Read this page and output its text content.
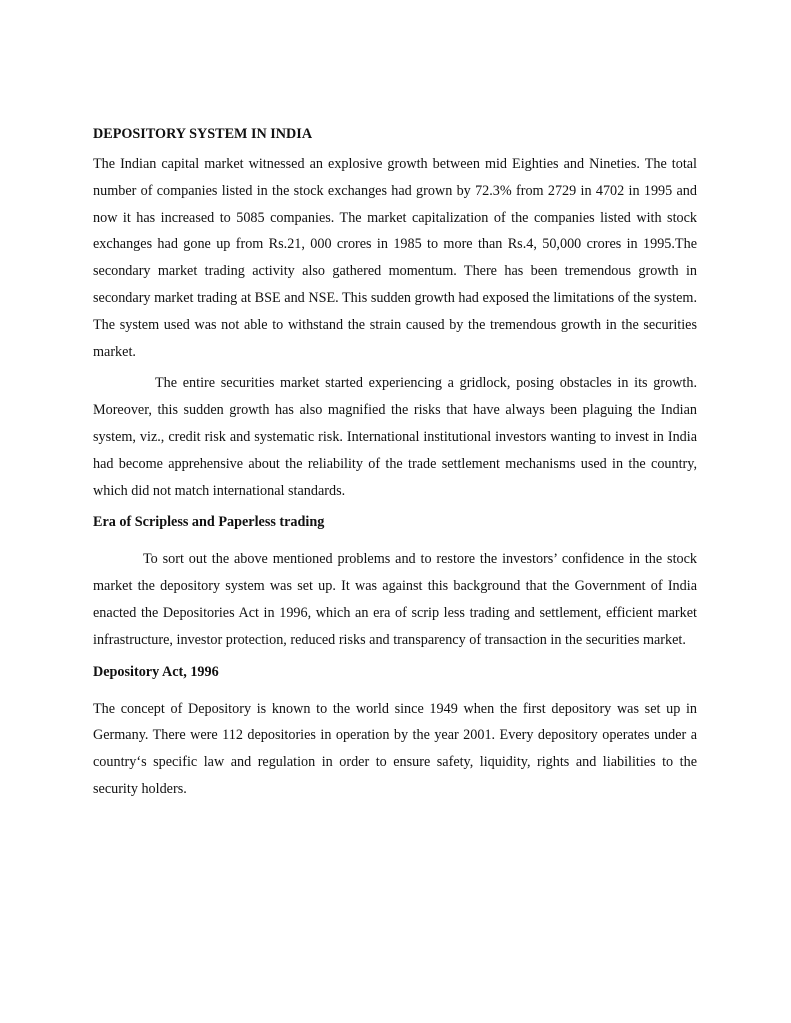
DEPOSITORY SYSTEM IN INDIA

The Indian capital market witnessed an explosive growth between mid Eighties and Nineties. The total number of companies listed in the stock exchanges had grown by 72.3% from 2729 in 4702 in 1995 and now it has increased to 5085 companies. The market capitalization of the companies listed with stock exchanges had gone up from Rs.21, 000 crores in 1985 to more than Rs.4, 50,000 crores in 1995.The secondary market trading activity also gathered momentum. There has been tremendous growth in secondary market trading at BSE and NSE. This sudden growth had exposed the limitations of the system. The system used was not able to withstand the strain caused by the tremendous growth in the securities market.

The entire securities market started experiencing a gridlock, posing obstacles in its growth. Moreover, this sudden growth has also magnified the risks that have always been plaguing the Indian system, viz., credit risk and systematic risk. International institutional investors wanting to invest in India had become apprehensive about the reliability of the trade settlement mechanisms used in the country, which did not match international standards.

Era of Scripless and Paperless trading

To sort out the above mentioned problems and to restore the investors’ confidence in the stock market the depository system was set up. It was against this background that the Government of India enacted the Depositories Act in 1996, which an era of scrip less trading and settlement, efficient market infrastructure, investor protection, reduced risks and transparency of transaction in the securities market.

Depository Act, 1996

The concept of Depository is known to the world since 1949 when the first depository was set up in Germany. There were 112 depositories in operation by the year 2001. Every depository operates under a country‘s specific law and regulation in order to ensure safety, liquidity, rights and liabilities to the security holders.
